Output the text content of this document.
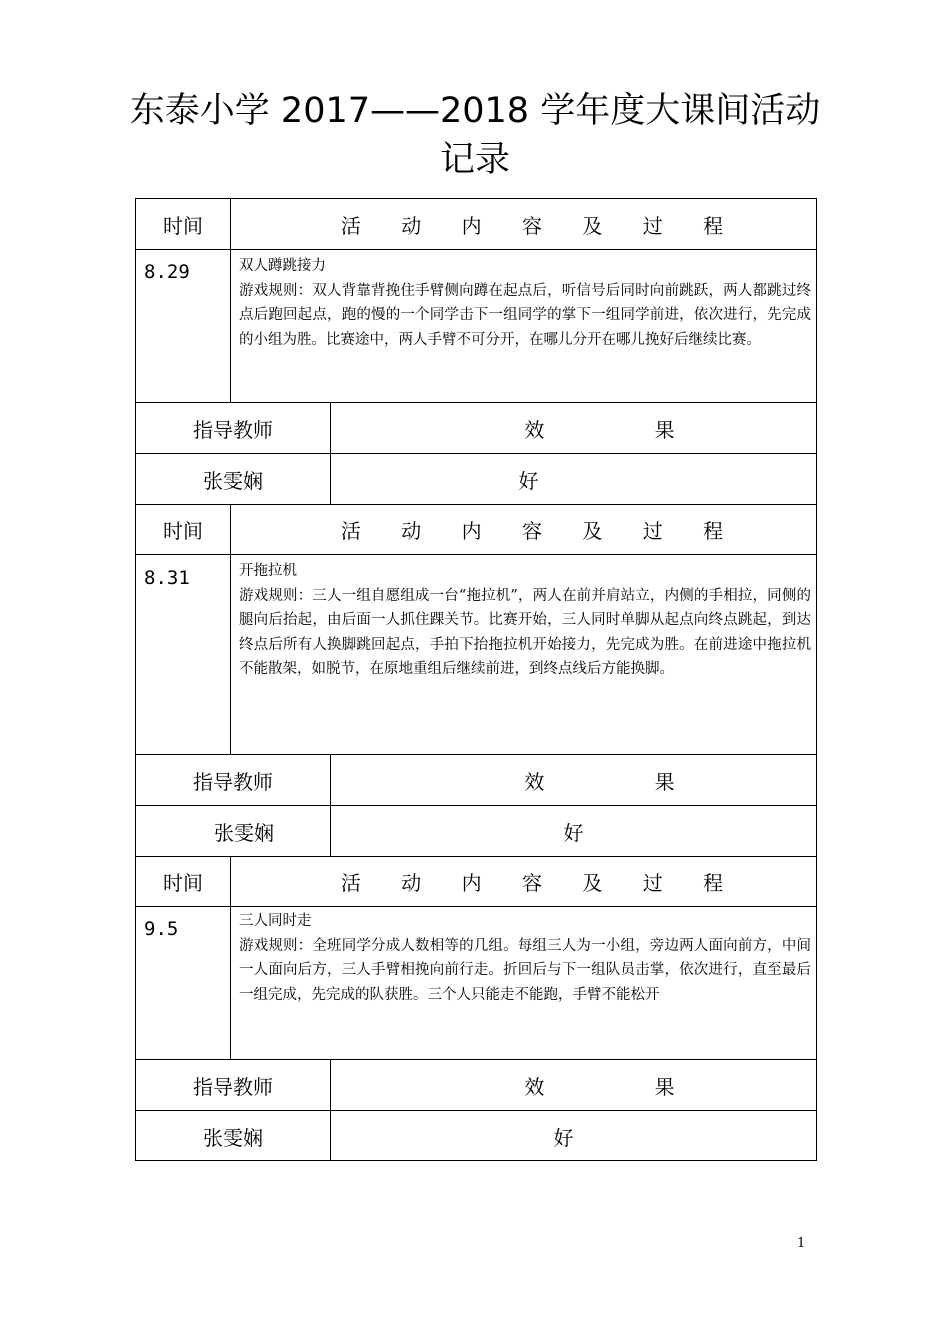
东泰小学 2017——2018 学年度大课间活动
记录
时间	活 动 内 容 及 过 程
8.29	双人蹲跳接力
游戏规则：双人背靠背挽住手臂侧向蹲在起点后，听信号后同时向前跳跃，两人都跳过终点后跑回起点，跑的慢的一个同学击下一组同学的掌下一组同学前进，依次进行，先完成的小组为胜。比赛途中，两人手臂不可分开，在哪儿分开在哪儿挽好后继续比赛。
指导教师	效 果
张雯娴	好
时间	活 动 内 容 及 过 程
8.31	开拖拉机
游戏规则：三人一组自愿组成一台“拖拉机”，两人在前并肩站立，内侧的手相拉，同侧的腿向后抬起，由后面一人抓住踝关节。比赛开始，三人同时单脚从起点向终点跳起，到达终点后所有人换脚跳回起点，手拍下抬拖拉机开始接力，先完成为胜。在前进途中拖拉机不能散架，如脱节，在原地重组后继续前进，到终点线后方能换脚。
指导教师	效 果
张雯娴	好
时间	活 动 内 容 及 过 程
9.5	三人同时走
游戏规则：全班同学分成人数相等的几组。每组三人为一小组，旁边两人面向前方，中间一人面向后方，三人手臂相挽向前行走。折回后与下一组队员击掌，依次进行，直至最后一组完成，先完成的队获胜。三个人只能走不能跑，手臂不能松开
指导教师	效 果
张雯娴	好
1
